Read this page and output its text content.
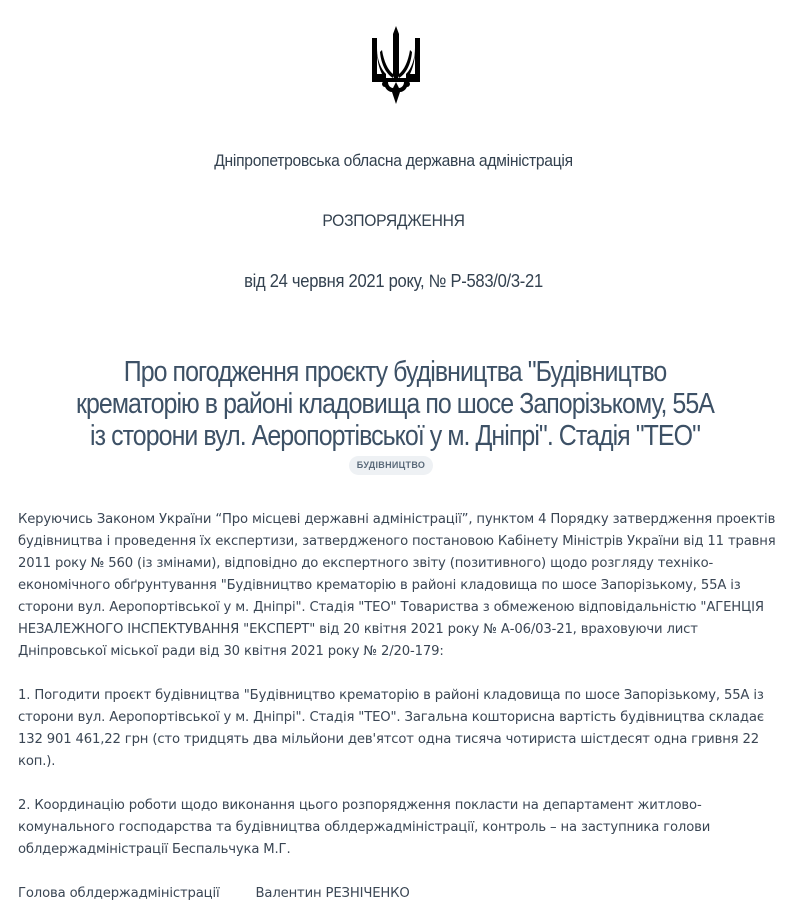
Дніпропетровська обласна державна адміністрація
РОЗПОРЯДЖЕННЯ
від 24 червня 2021 року, № Р-583/0/3-21
Про погодження проєкту будівництва "Будівництво крематорію в районі кладовища по шосе Запорізькому, 55А із сторони вул. Аеропортівської у м. Дніпрі". Стадія "ТЕО"
БУДІВНИЦТВО

Керуючись Законом України “Про місцеві державні адміністрації”, пунктом 4 Порядку затвердження проектів будівництва і проведення їх експертизи, затвердженого постановою Кабінету Міністрів України від 11 травня 2011 року № 560 (із змінами), відповідно до експертного звіту (позитивного) щодо розгляду техніко-економічного обґрунтування "Будівництво крематорію в районі кладовища по шосе Запорізькому, 55А із сторони вул. Аеропортівської у м. Дніпрі". Стадія "ТЕО" Товариства з обмеженою відповідальністю "АГЕНЦІЯ НЕЗАЛЕЖНОГО ІНСПЕКТУВАННЯ "ЕКСПЕРТ" від 20 квітня 2021 року № А-06/03-21, враховуючи лист Дніпровської міської ради від 30 квітня 2021 року № 2/20-179:

1. Погодити проєкт будівництва "Будівництво крематорію в районі кладовища по шосе Запорізькому, 55А із сторони вул. Аеропортівської у м. Дніпрі". Стадія "ТЕО". Загальна кошторисна вартість будівництва складає 132 901 461,22 грн (сто тридцять два мільйони дев'ятсот одна тисяча чотириста шістдесят одна гривня 22 коп.).

2. Координацію роботи щодо виконання цього розпорядження покласти на департамент житлово-комунального господарства та будівництва облдержадміністрації, контроль – на заступника голови облдержадміністрації Беспальчука М.Г.

Голова облдержадміністрації	Валентин РЕЗНІЧЕНКО
